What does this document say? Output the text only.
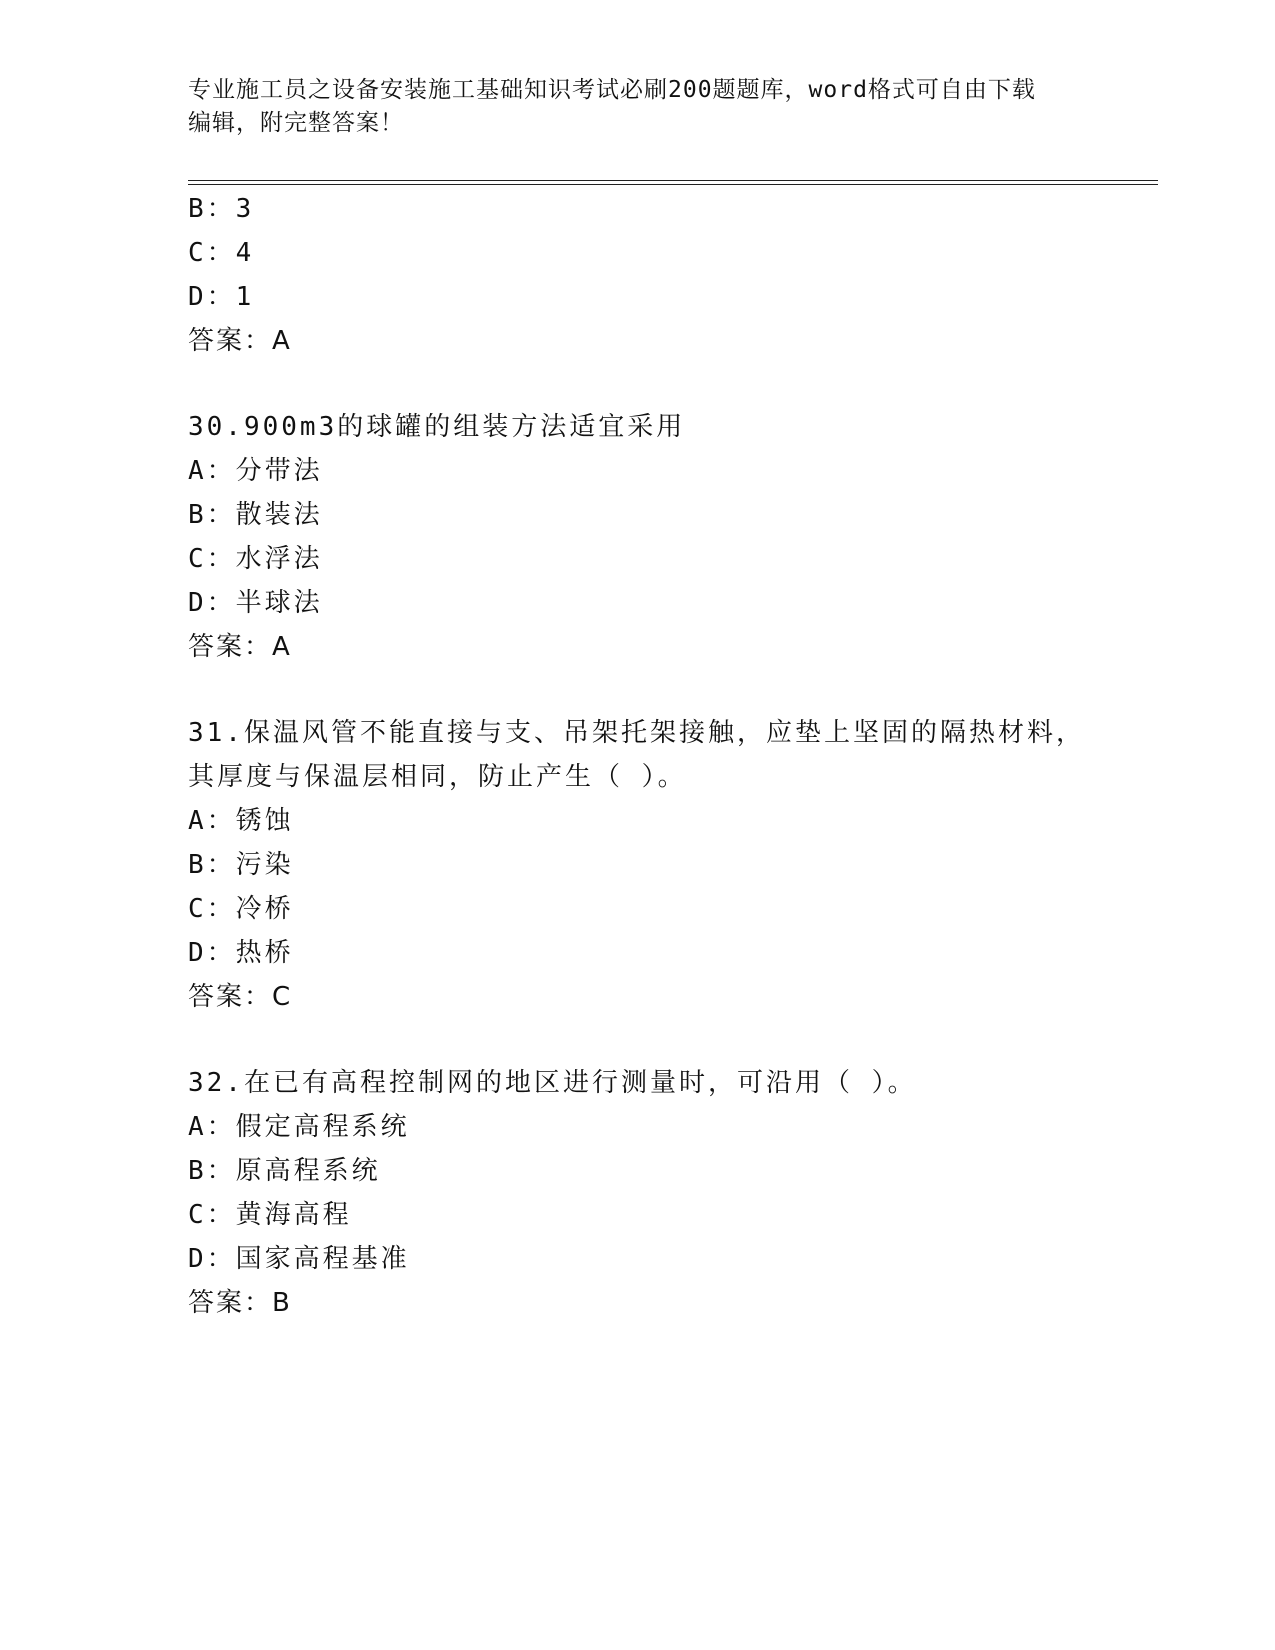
专业施工员之设备安装施工基础知识考试必刷200题题库，word格式可自由下载
编辑，附完整答案！
B：3
C：4
D：1
答案：A
30.900m3的球罐的组装方法适宜采用
A：分带法
B：散装法
C：水浮法
D：半球法
答案：A
31.保温风管不能直接与支、吊架托架接触，应垫上坚固的隔热材料，
其厚度与保温层相同，防止产生（ ）。
A：锈蚀
B：污染
C：冷桥
D：热桥
答案：C
32.在已有高程控制网的地区进行测量时，可沿用（ ）。
A：假定高程系统
B：原高程系统
C：黄海高程
D：国家高程基准
答案：B
